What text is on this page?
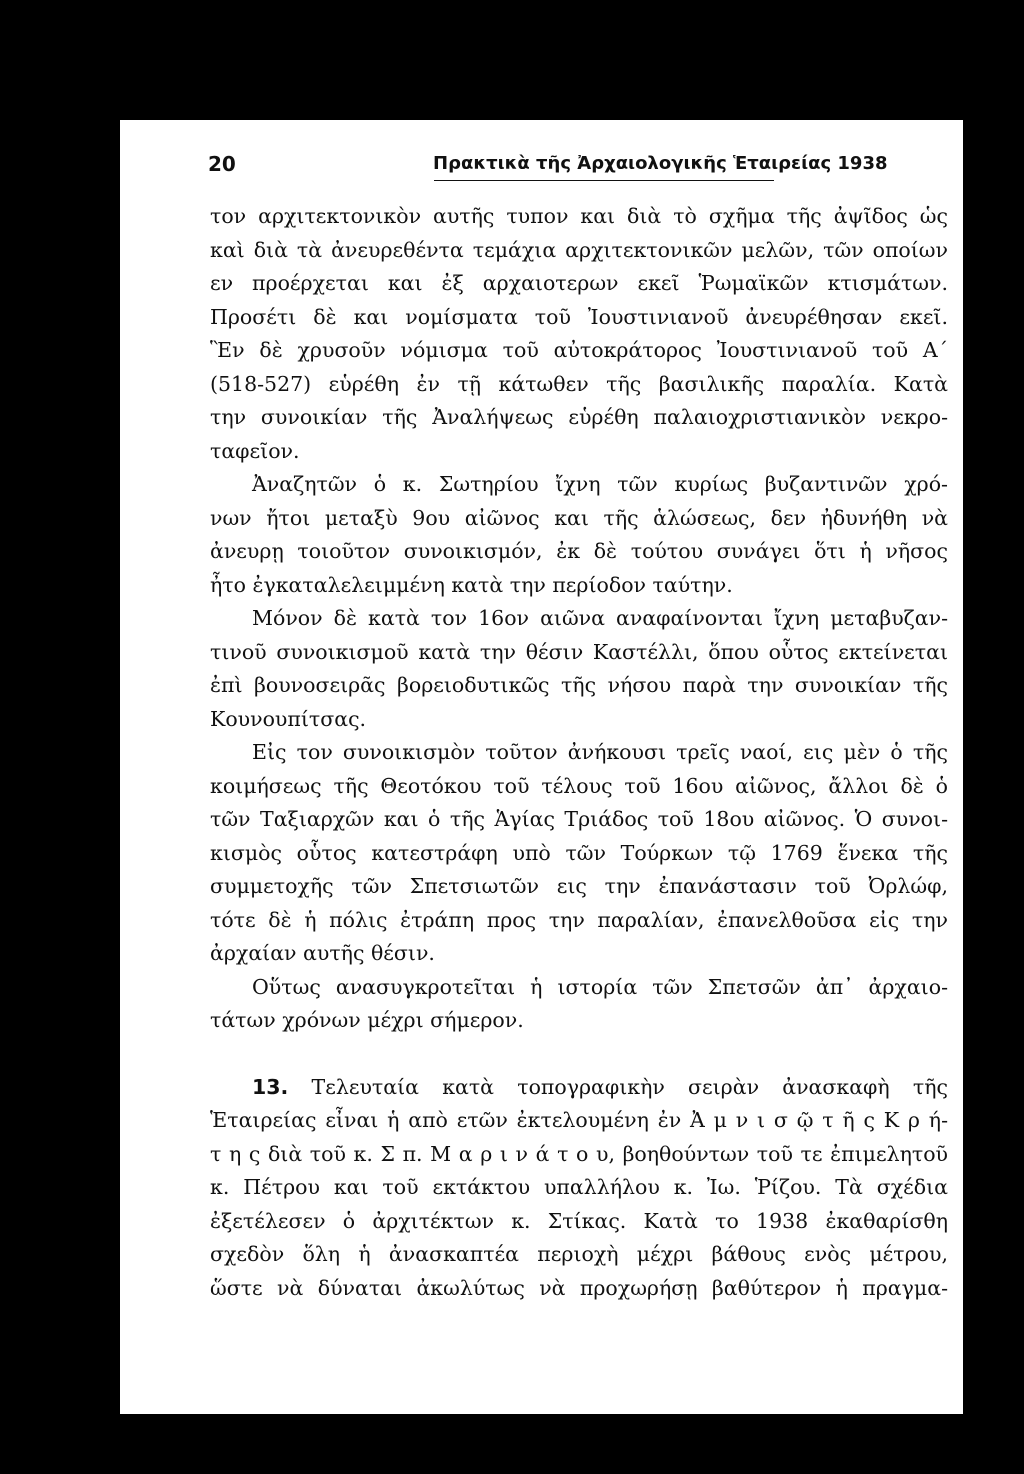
20	Πρακτικὰ τῆς Ἀρχαιολογικῆς Ἑταιρείας 1938
τον αρχιτεκτονικὸν αυτῆς τυπον και διὰ τὸ σχῆμα τῆς ἀψῖδος ὡς
καὶ διὰ τὰ ἀνευρεθέντα τεμάχια αρχιτεκτονικῶν μελῶν, τῶν οποίων
εν προέρχεται και ἐξ αρχαιοτερων εκεῖ Ῥωμαϊκῶν κτισμάτων.
Προσέτι δὲ και νομίσματα τοῦ Ἰουστινιανοῦ ἀνευρέθησαν εκεῖ.
Ἓν δὲ χρυσοῦν νόμισμα τοῦ αὐτοκράτορος Ἰουστινιανοῦ τοῦ Α΄
(518-527) εὑρέθη ἐν τῇ κάτωθεν τῆς βασιλικῆς παραλία. Κατὰ
την συνοικίαν τῆς Ἀναλήψεως εὑρέθη παλαιοχριστιανικὸν νεκρο-
ταφεῖον.
Ἀναζητῶν ὁ κ. Σωτηρίου ἴχνη τῶν κυρίως βυζαντινῶν χρό-
νων ἤτοι μεταξὺ 9ου αἰῶνος και τῆς ἁλώσεως, δεν ἠδυνήθη νὰ
ἀνευρῃ τοιοῦτον συνοικισμόν, ἐκ δὲ τούτου συνάγει ὅτι ἡ νῆσος
ἦτο ἐγκαταλελειμμένη κατὰ την περίοδον ταύτην.
Μόνον δὲ κατὰ τον 16ον αιῶνα αναφαίνονται ἴχνη μεταβυζαν-
τινοῦ συνοικισμοῦ κατὰ την θέσιν Καστέλλι, ὅπου οὗτος εκτείνεται
ἐπὶ βουνοσειρᾶς βορειοδυτικῶς τῆς νήσου παρὰ την συνοικίαν τῆς
Κουνουπίτσας.
Εἰς τον συνοικισμὸν τοῦτον ἀνήκουσι τρεῖς ναοί, εις μὲν ὁ τῆς
κοιμήσεως τῆς Θεοτόκου τοῦ τέλους τοῦ 16ου αἰῶνος, ἄλλοι δὲ ὁ
τῶν Ταξιαρχῶν και ὁ τῆς Ἁγίας Τριάδος τοῦ 18ου αἰῶνος. Ὁ συνοι-
κισμὸς οὗτος κατεστράφη υπὸ τῶν Τούρκων τῷ 1769 ἕνεκα τῆς
συμμετοχῆς τῶν Σπετσιωτῶν εις την ἐπανάστασιν τοῦ Ὀρλώφ,
τότε δὲ ἡ πόλις ἐτράπη προς την παραλίαν, ἐπανελθοῦσα εἰς την
ἀρχαίαν αυτῆς θέσιν.
Οὕτως ανασυγκροτεῖται ἡ ιστορία τῶν Σπετσῶν ἀπ᾽ ἀρχαιο-
τάτων χρόνων μέχρι σήμερον.
13. Τελευταία κατὰ τοπογραφικὴν σειρὰν ἀνασκαφὴ τῆς
Ἑταιρείας εἶναι ἡ απὸ ετῶν ἐκτελουμένη ἐν Ἀ μ ν ι σ ῷ τ ῆ ς Κ ρ ή-
τ η ς διὰ τοῦ κ. Σ π. Μ α ρ ι ν ά τ ο υ, βοηθούντων τοῦ τε ἐπιμελητοῦ
κ. Πέτρου και τοῦ εκτάκτου υπαλλήλου κ. Ἰω. Ῥίζου. Τὰ σχέδια
ἐξετέλεσεν ὁ ἀρχιτέκτων κ. Στίκας. Κατὰ το 1938 ἐκαθαρίσθη
σχεδὸν ὅλη ἡ ἀνασκαπτέα περιοχὴ μέχρι βάθους ενὸς μέτρου,
ὥστε νὰ δύναται ἀκωλύτως νὰ προχωρήσῃ βαθύτερον ἡ πραγμα-
